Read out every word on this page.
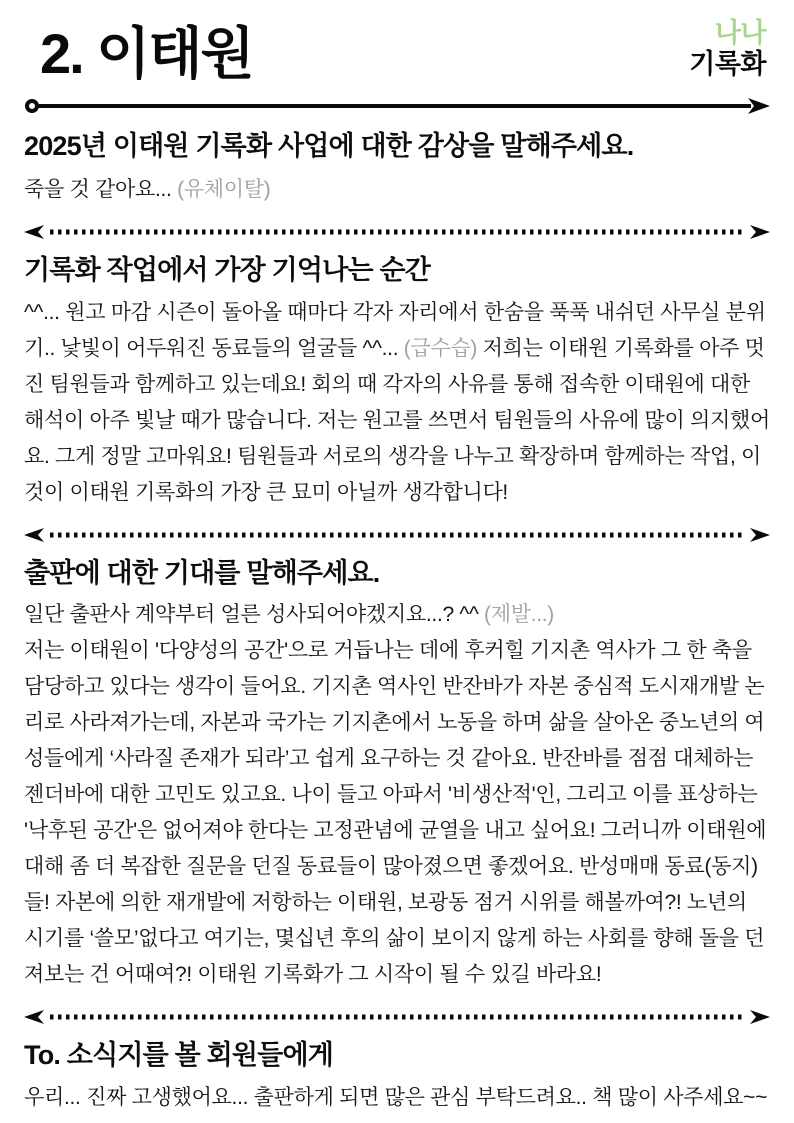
2. 이태원	나나
기록화
2025년 이태원 기록화 사업에 대한 감상을 말해주세요.
죽을 것 같아요... (유체이탈)
기록화 작업에서 가장 기억나는 순간
^^... 원고 마감 시즌이 돌아올 때마다 각자 자리에서 한숨을 푹푹 내쉬던 사무실 분위기.. 낯빛이 어두워진 동료들의 얼굴들 ^^... (급수습) 저희는 이태원 기록화를 아주 멋진 팀원들과 함께하고 있는데요! 회의 때 각자의 사유를 통해 접속한 이태원에 대한 해석이 아주 빛날 때가 많습니다. 저는 원고를 쓰면서 팀원들의 사유에 많이 의지했어요. 그게 정말 고마워요! 팀원들과 서로의 생각을 나누고 확장하며 함께하는 작업, 이것이 이태원 기록화의 가장 큰 묘미 아닐까 생각합니다!
출판에 대한 기대를 말해주세요.
일단 출판사 계약부터 얼른 성사되어야겠지요...? ^^ (제발...)
저는 이태원이 '다양성의 공간'으로 거듭나는 데에 후커힐 기지촌 역사가 그 한 축을 담당하고 있다는 생각이 들어요. 기지촌 역사인 반잔바가 자본 중심적 도시재개발 논리로 사라져가는데, 자본과 국가는 기지촌에서 노동을 하며 삶을 살아온 중노년의 여성들에게 ‘사라질 존재가 되라’고 쉽게 요구하는 것 같아요. 반잔바를 점점 대체하는 젠더바에 대한 고민도 있고요. 나이 들고 아파서 '비생산적'인, 그리고 이를 표상하는 '낙후된 공간'은 없어져야 한다는 고정관념에 균열을 내고 싶어요! 그러니까 이태원에 대해 좀 더 복잡한 질문을 던질 동료들이 많아졌으면 좋겠어요. 반성매매 동료(동지)들! 자본에 의한 재개발에 저항하는 이태원, 보광동 점거 시위를 해볼까여?! 노년의 시기를 ‘쓸모’없다고 여기는, 몇십년 후의 삶이 보이지 않게 하는 사회를 향해 돌을 던져보는 건 어때여?! 이태원 기록화가 그 시작이 될 수 있길 바라요!
To. 소식지를 볼 회원들에게
우리... 진짜 고생했어요... 출판하게 되면 많은 관심 부탁드려요.. 책 많이 사주세요~~
